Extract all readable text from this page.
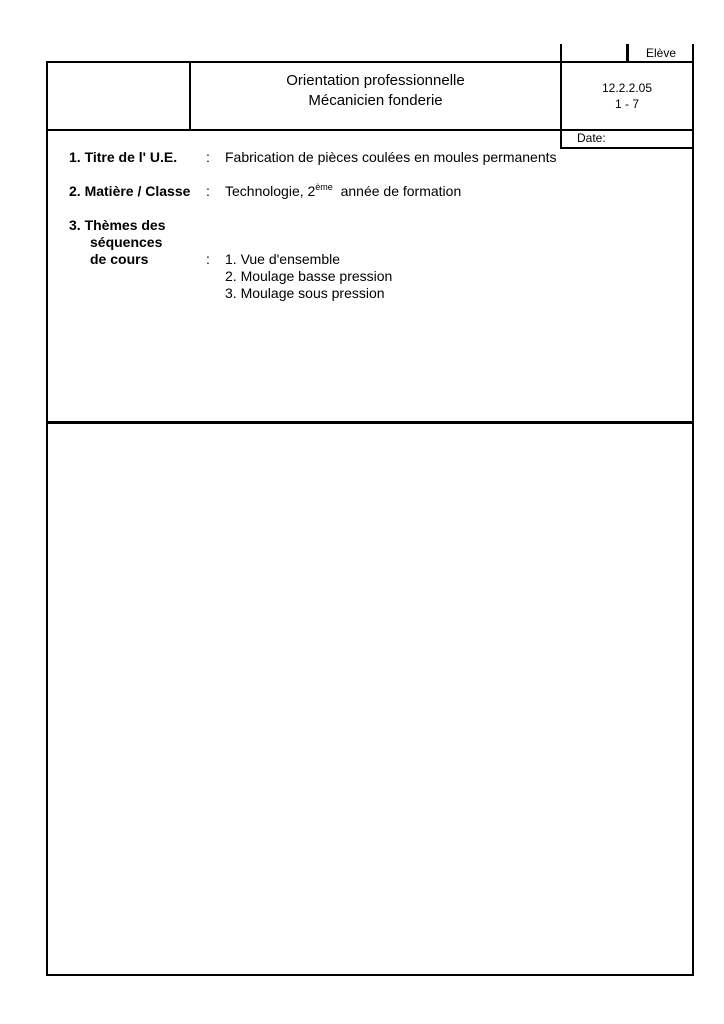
Elève
Orientation professionnelle
Mécanicien fonderie
12.2.2.05
1 - 7
Date:
1. Titre de l' U.E. : Fabrication de pièces coulées en moules permanents
2. Matière / Classe : Technologie, 2ème année de formation
3. Thèmes des
séquences
de cours	: 1. Vue d'ensemble
2. Moulage basse pression
3. Moulage sous pression
